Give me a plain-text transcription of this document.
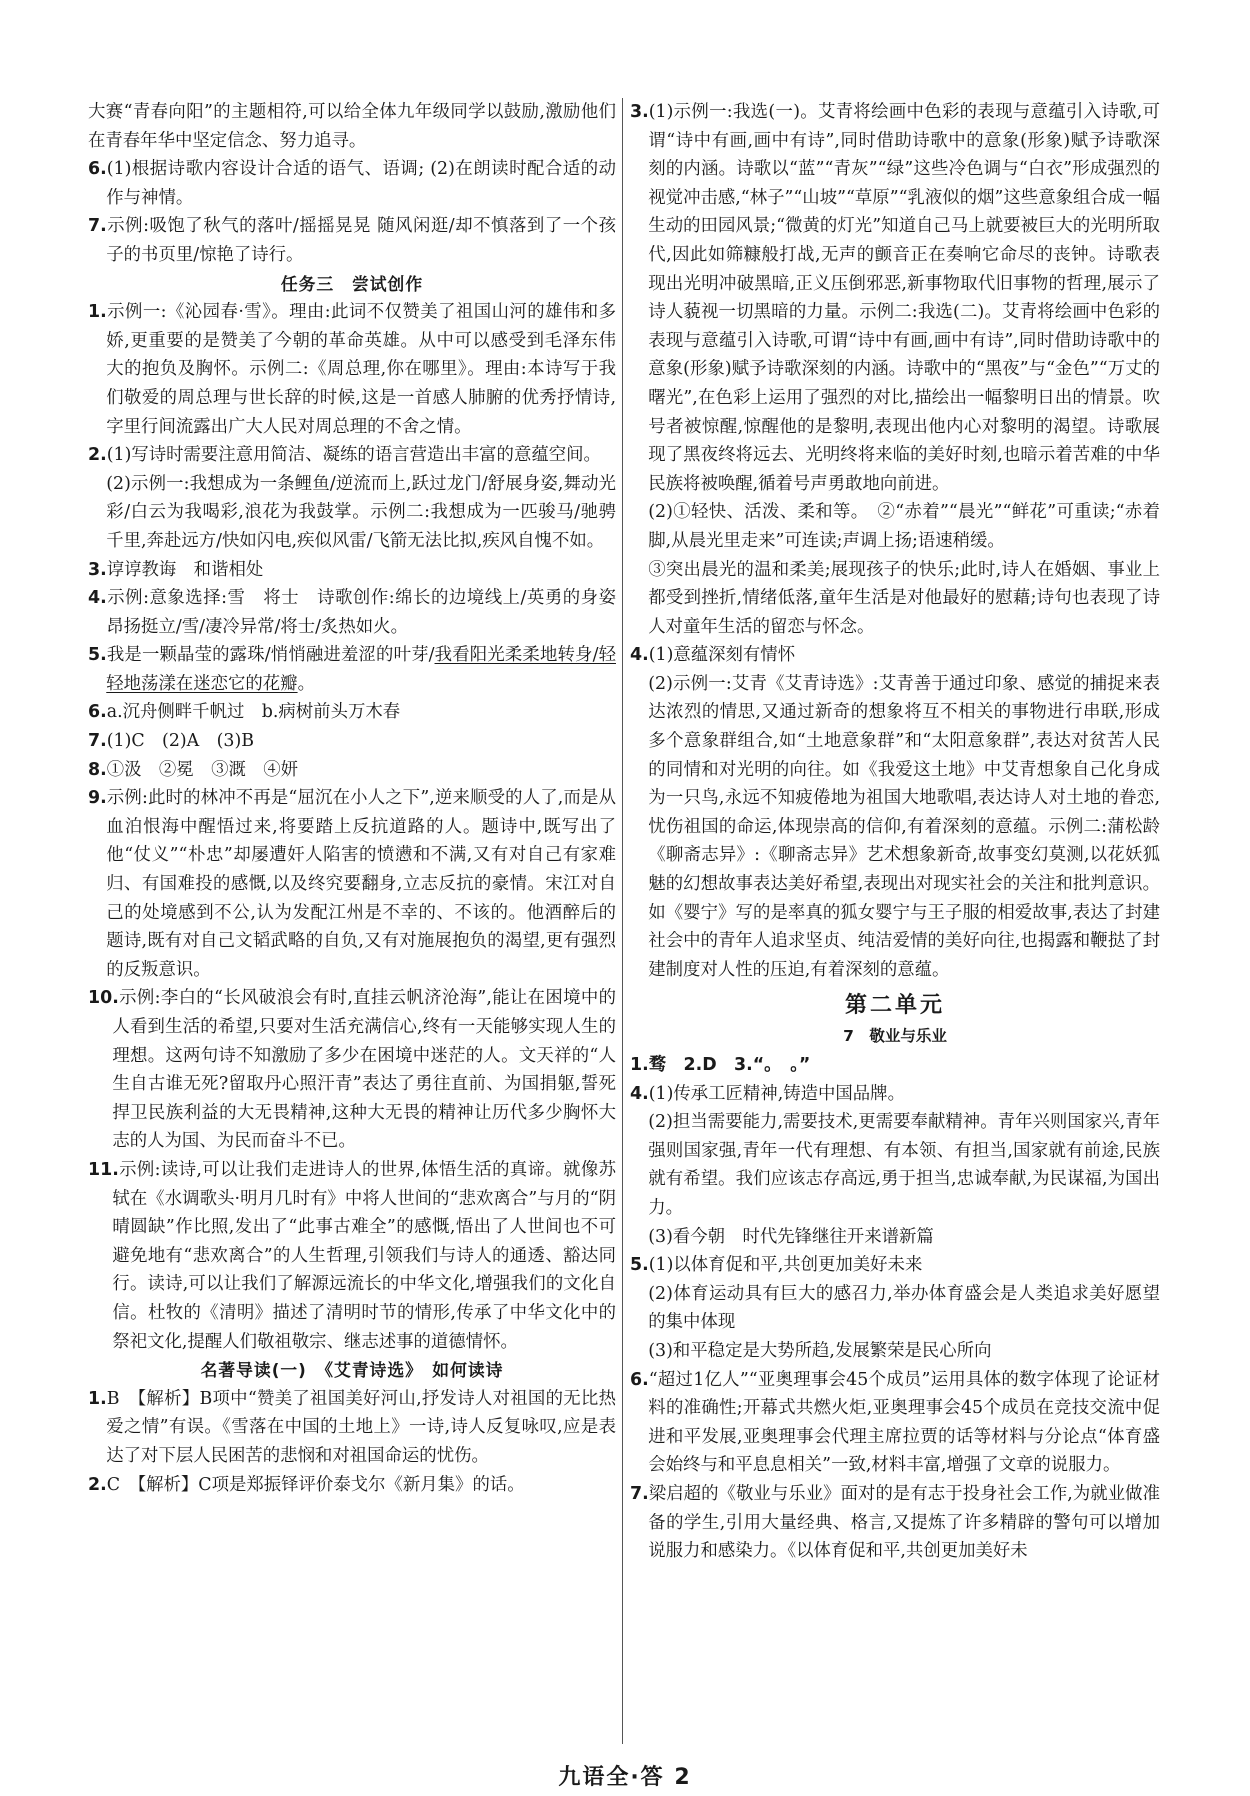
大赛“青春向阳”的主题相符,可以给全体九年级同学以鼓励,激励他们在青春年华中坚定信念、努力追寻。

6.(1)根据诗歌内容设计合适的语气、语调; (2)在朗读时配合适的动作与神情。

7.示例:吸饱了秋气的落叶/摇摇晃晃 随风闲逛/却不慎落到了一个孩子的书页里/惊艳了诗行。

任务三　尝试创作

1.示例一:《沁园春·雪》。理由:此词不仅赞美了祖国山河的雄伟和多娇,更重要的是赞美了今朝的革命英雄。从中可以感受到毛泽东伟大的抱负及胸怀。示例二:《周总理,你在哪里》。理由:本诗写于我们敬爱的周总理与世长辞的时候,这是一首感人肺腑的优秀抒情诗,字里行间流露出广大人民对周总理的不舍之情。

2.(1)写诗时需要注意用简洁、凝练的语言营造出丰富的意蕴空间。

(2)示例一:我想成为一条鲤鱼/逆流而上,跃过龙门/舒展身姿,舞动光彩/白云为我喝彩,浪花为我鼓掌。示例二:我想成为一匹骏马/驰骋千里,奔赴远方/快如闪电,疾似风雷/飞箭无法比拟,疾风自愧不如。

3.谆谆教诲　和谐相处

4.示例:意象选择:雪　将士　诗歌创作:绵长的边境线上/英勇的身姿昂扬挺立/雪/凄冷异常/将士/炙热如火。

5.我是一颗晶莹的露珠/悄悄融进羞涩的叶芽/我看阳光柔柔地转身/轻轻地荡漾在迷恋它的花瓣。

6.a.沉舟侧畔千帆过　b.病树前头万木春

7.(1)C　(2)A　(3)B

8.①汲　②冕　③溉　④妍

9.示例:此时的林冲不再是“屈沉在小人之下”,逆来顺受的人了,而是从血泊恨海中醒悟过来,将要踏上反抗道路的人。题诗中,既写出了他“仗义”“朴忠”却屡遭奸人陷害的愤懑和不满,又有对自己有家难归、有国难投的感慨,以及终究要翻身,立志反抗的豪情。宋江对自己的处境感到不公,认为发配江州是不幸的、不该的。他酒醉后的题诗,既有对自己文韬武略的自负,又有对施展抱负的渴望,更有强烈的反叛意识。

10.示例:李白的“长风破浪会有时,直挂云帆济沧海”,能让在困境中的人看到生活的希望,只要对生活充满信心,终有一天能够实现人生的理想。这两句诗不知激励了多少在困境中迷茫的人。文天祥的“人生自古谁无死?留取丹心照汗青”表达了勇往直前、为国捐躯,誓死捍卫民族利益的大无畏精神,这种大无畏的精神让历代多少胸怀大志的人为国、为民而奋斗不已。

11.示例:读诗,可以让我们走进诗人的世界,体悟生活的真谛。就像苏轼在《水调歌头·明月几时有》中将人世间的“悲欢离合”与月的“阴晴圆缺”作比照,发出了“此事古难全”的感慨,悟出了人世间也不可避免地有“悲欢离合”的人生哲理,引领我们与诗人的通透、豁达同行。读诗,可以让我们了解源远流长的中华文化,增强我们的文化自信。杜牧的《清明》描述了清明时节的情形,传承了中华文化中的祭祀文化,提醒人们敬祖敬宗、继志述事的道德情怀。

名著导读(一)　《艾青诗选》　如何读诗

1.B　【解析】B项中“赞美了祖国美好河山,抒发诗人对祖国的无比热爱之情”有误。《雪落在中国的土地上》一诗,诗人反复咏叹,应是表达了对下层人民困苦的悲悯和对祖国命运的忧伤。

2.C　【解析】C项是郑振铎评价泰戈尔《新月集》的话。

3.(1)示例一:我选(一)。艾青将绘画中色彩的表现与意蕴引入诗歌,可谓“诗中有画,画中有诗”,同时借助诗歌中的意象(形象)赋予诗歌深刻的内涵。诗歌以“蓝”“青灰”“绿”这些冷色调与“白衣”形成强烈的视觉冲击感,“林子”“山坡”“草原”“乳液似的烟”这些意象组合成一幅生动的田园风景;“微黄的灯光”知道自己马上就要被巨大的光明所取代,因此如筛糠般打战,无声的颤音正在奏响它命尽的丧钟。诗歌表现出光明冲破黑暗,正义压倒邪恶,新事物取代旧事物的哲理,展示了诗人藐视一切黑暗的力量。示例二:我选(二)。艾青将绘画中色彩的表现与意蕴引入诗歌,可谓“诗中有画,画中有诗”,同时借助诗歌中的意象(形象)赋予诗歌深刻的内涵。诗歌中的“黑夜”与“金色”“万丈的曙光”,在色彩上运用了强烈的对比,描绘出一幅黎明日出的情景。吹号者被惊醒,惊醒他的是黎明,表现出他内心对黎明的渴望。诗歌展现了黑夜终将远去、光明终将来临的美好时刻,也暗示着苦难的中华民族将被唤醒,循着号声勇敢地向前进。

(2)①轻快、活泼、柔和等。　②“赤着”“晨光”“鲜花”可重读;“赤着脚,从晨光里走来”可连读;声调上扬;语速稍缓。

③突出晨光的温和柔美;展现孩子的快乐;此时,诗人在婚姻、事业上都受到挫折,情绪低落,童年生活是对他最好的慰藉;诗句也表现了诗人对童年生活的留恋与怀念。

4.(1)意蕴深刻有情怀

(2)示例一:艾青《艾青诗选》:艾青善于通过印象、感觉的捕捉来表达浓烈的情思,又通过新奇的想象将互不相关的事物进行串联,形成多个意象群组合,如“土地意象群”和“太阳意象群”,表达对贫苦人民的同情和对光明的向往。如《我爱这土地》中艾青想象自己化身成为一只鸟,永远不知疲倦地为祖国大地歌唱,表达诗人对土地的眷恋,忧伤祖国的命运,体现崇高的信仰,有着深刻的意蕴。示例二:蒲松龄《聊斋志异》:《聊斋志异》艺术想象新奇,故事变幻莫测,以花妖狐魅的幻想故事表达美好希望,表现出对现实社会的关注和批判意识。如《婴宁》写的是率真的狐女婴宁与王子服的相爱故事,表达了封建社会中的青年人追求坚贞、纯洁爱情的美好向往,也揭露和鞭挞了封建制度对人性的压迫,有着深刻的意蕴。

第二单元

7　敬业与乐业

1.骛　2.D　3.“。　。”

4.(1)传承工匠精神,铸造中国品牌。

(2)担当需要能力,需要技术,更需要奉献精神。青年兴则国家兴,青年强则国家强,青年一代有理想、有本领、有担当,国家就有前途,民族就有希望。我们应该志存高远,勇于担当,忠诚奉献,为民谋福,为国出力。

(3)看今朝　时代先锋继往开来谱新篇

5.(1)以体育促和平,共创更加美好未来

(2)体育运动具有巨大的感召力,举办体育盛会是人类追求美好愿望的集中体现

(3)和平稳定是大势所趋,发展繁荣是民心所向

6.“超过1亿人”“亚奥理事会45个成员”运用具体的数字体现了论证材料的准确性;开幕式共燃火炬,亚奥理事会45个成员在竞技交流中促进和平发展,亚奥理事会代理主席拉贾的话等材料与分论点“体育盛会始终与和平息息相关”一致,材料丰富,增强了文章的说服力。

7.梁启超的《敬业与乐业》面对的是有志于投身社会工作,为就业做准备的学生,引用大量经典、格言,又提炼了许多精辟的警句可以增加说服力和感染力。《以体育促和平,共创更加美好未

九语全·答 2
